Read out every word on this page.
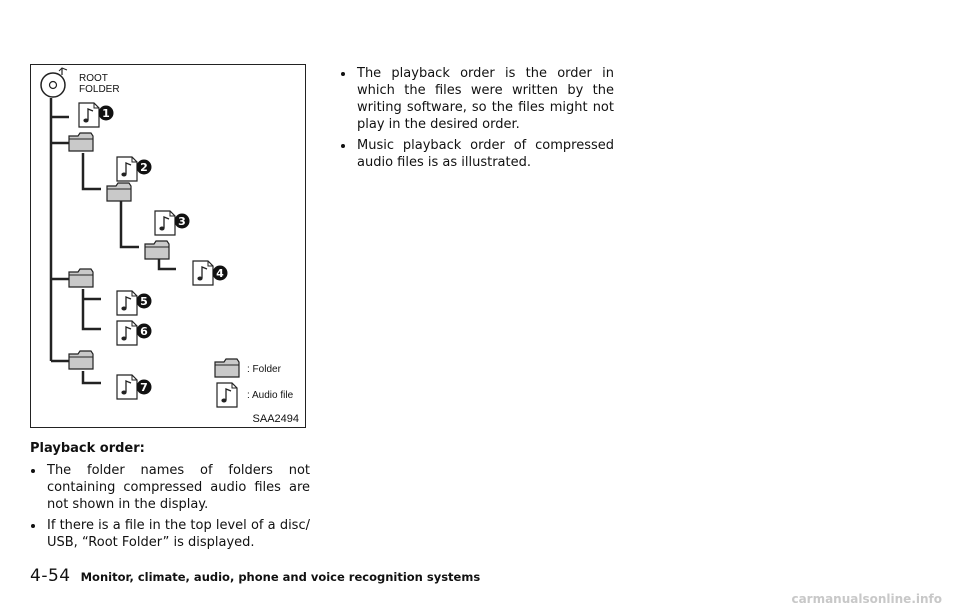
ROOT
FOLDER
1
2
3
4
5
6
7
: Folder
: Audio file
SAA2494
Playback order:
The folder names of folders not containing compressed audio files are not shown in the display.
If there is a file in the top level of a disc/ USB, “Root Folder” is displayed.
The playback order is the order in which the files were written by the writing software, so the files might not play in the desired order.
Music playback order of compressed audio files is as illustrated.
4-54 Monitor, climate, audio, phone and voice recognition systems
carmanualsonline.info
